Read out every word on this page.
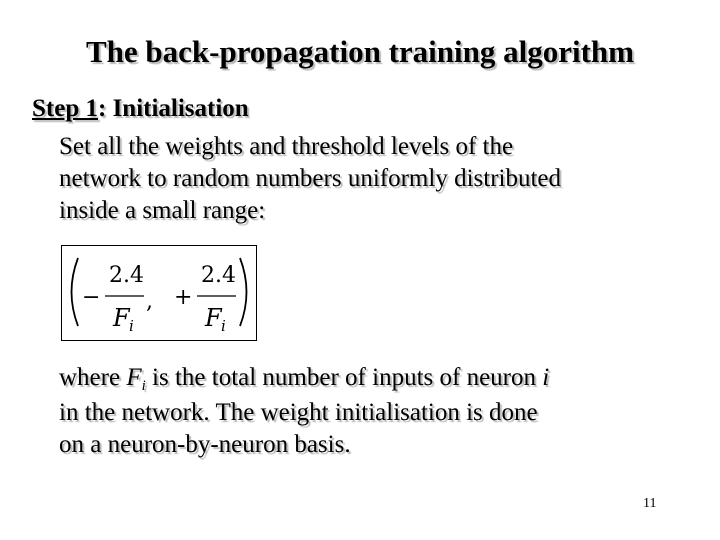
The back-propagation training algorithm
Step 1: Initialisation
Set all the weights and threshold levels of the
network to random numbers uniformly distributed
inside a small range:
−
2.4
F i
, +
2.4
F i
where $F_i$ is the total number of inputs of neuron i
in the network. The weight initialisation is done
on a neuron-by-neuron basis.
11
